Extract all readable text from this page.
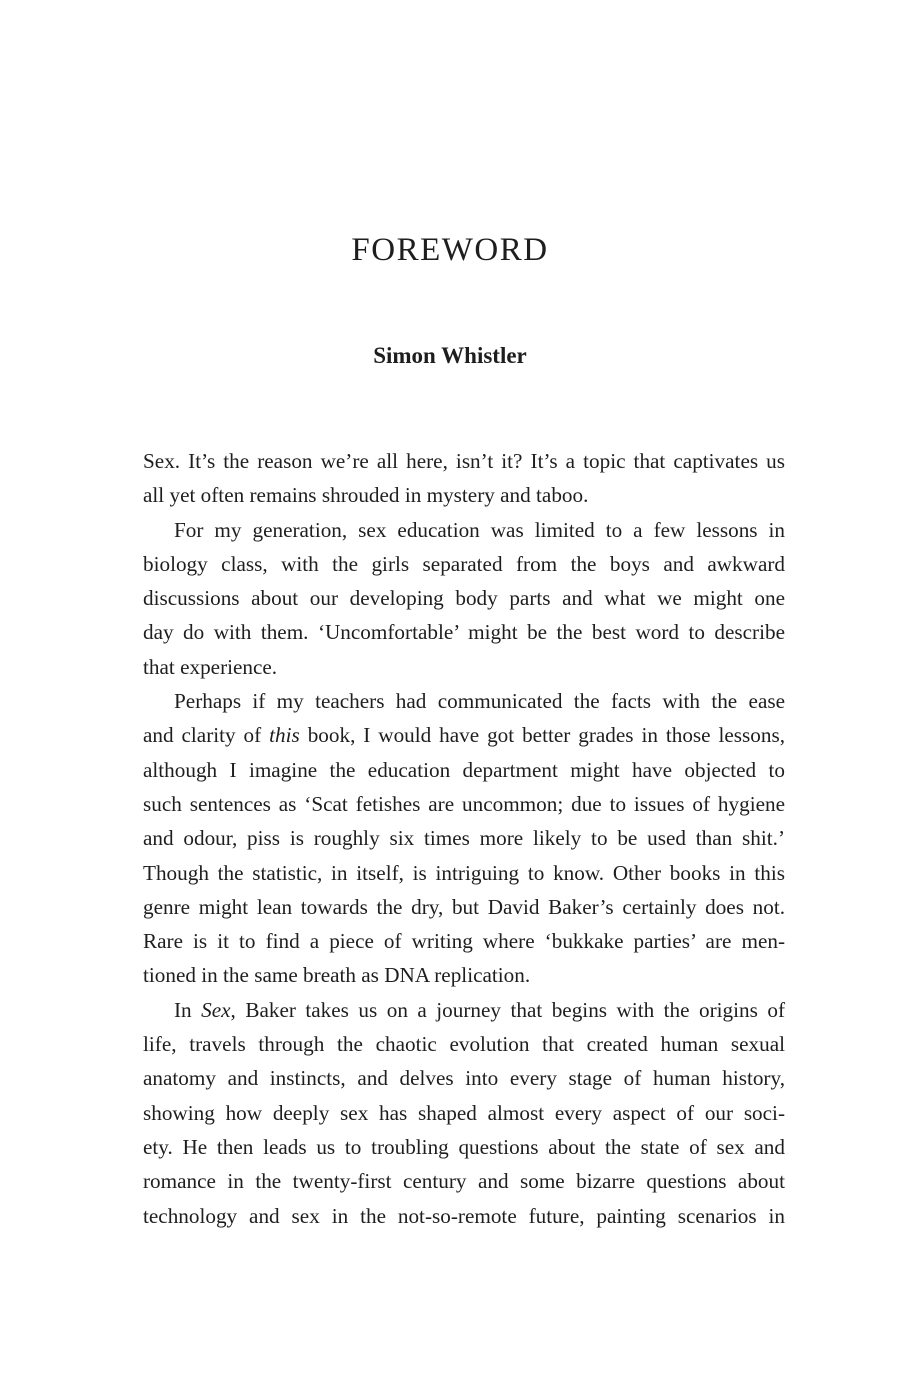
FOREWORD
Simon Whistler
Sex. It’s the reason we’re all here, isn’t it? It’s a topic that captivates us
all yet often remains shrouded in mystery and taboo.
For my generation, sex education was limited to a few lessons in
biology class, with the girls separated from the boys and awkward
discussions about our developing body parts and what we might one
day do with them. ‘Uncomfortable’ might be the best word to describe
that experience.
Perhaps if my teachers had communicated the facts with the ease
and clarity of this book, I would have got better grades in those lessons,
although I imagine the education department might have objected to
such sentences as ‘Scat fetishes are uncommon; due to issues of hygiene
and odour, piss is roughly six times more likely to be used than shit.’
Though the statistic, in itself, is intriguing to know. Other books in this
genre might lean towards the dry, but David Baker’s certainly does not.
Rare is it to find a piece of writing where ‘bukkake parties’ are men-
tioned in the same breath as DNA replication.
In Sex, Baker takes us on a journey that begins with the origins of
life, travels through the chaotic evolution that created human sexual
anatomy and instincts, and delves into every stage of human history,
showing how deeply sex has shaped almost every aspect of our soci-
ety. He then leads us to troubling questions about the state of sex and
romance in the twenty-first century and some bizarre questions about
technology and sex in the not-so-remote future, painting scenarios in
